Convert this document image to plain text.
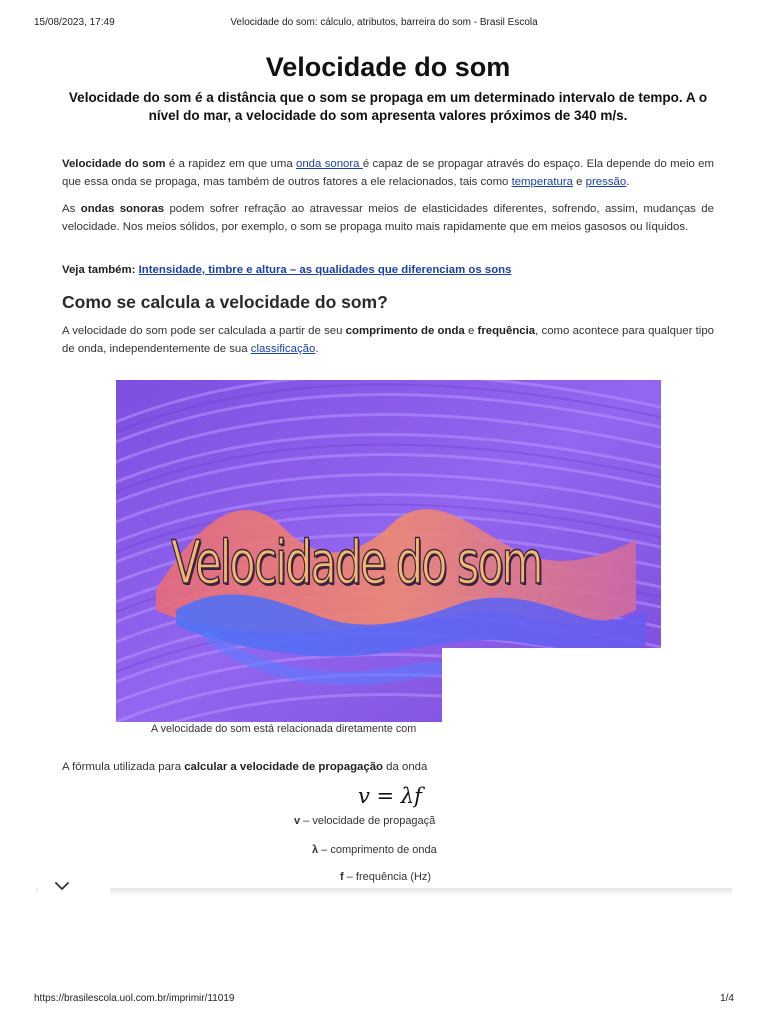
15/08/2023, 17:49	Velocidade do som: cálculo, atributos, barreira do som - Brasil Escola
Velocidade do som

Velocidade do som é a distância que o som se propaga em um determinado intervalo de tempo. A o nível do mar, a velocidade do som apresenta valores próximos de 340 m/s.

Velocidade do som é a rapidez em que uma onda sonora é capaz de se propagar através do espaço. Ela depende do meio em que essa onda se propaga, mas também de outros fatores a ele relacionados, tais como temperatura e pressão.

As ondas sonoras podem sofrer refração ao atravessar meios de elasticidades diferentes, sofrendo, assim, mudanças de velocidade. Nos meios sólidos, por exemplo, o som se propaga muito mais rapidamente que em meios gasosos ou líquidos.

Veja também: Intensidade, timbre e altura – as qualidades que diferenciam os sons
Como se calcula a velocidade do som?

A velocidade do som pode ser calculada a partir de seu comprimento de onda e frequência, como acontece para qualquer tipo de onda, independentemente de sua classificação.

Velocidade do som
A velocidade do som está relacionada diretamente com
A fórmula utilizada para calcular a velocidade de propagação da onda
v = λf
v – velocidade de propagaçã
λ – comprimento de onda
f – frequência (Hz)
https://brasilescola.uol.com.br/imprimir/11019	1/4
